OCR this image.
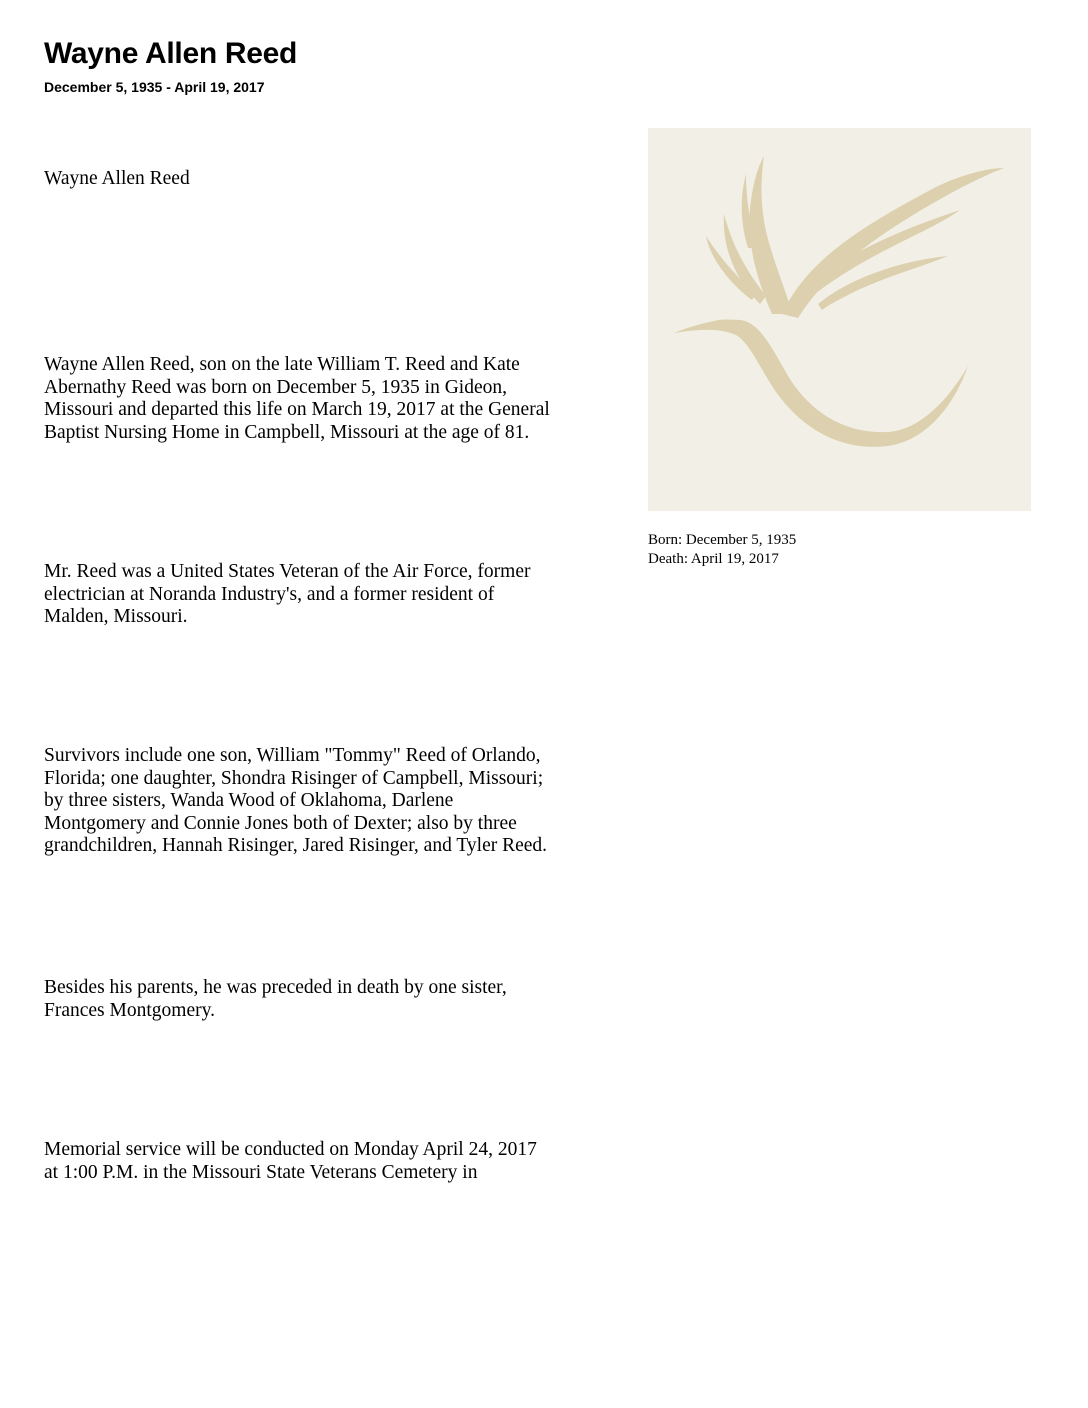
Wayne Allen Reed
December 5, 1935 - April 19, 2017

Wayne Allen Reed

Wayne Allen Reed, son on the late William T. Reed and Kate
Abernathy Reed was born on December 5, 1935 in Gideon,
Missouri and departed this life on March 19, 2017 at the General
Baptist Nursing Home in Campbell, Missouri at the age of 81.

Mr. Reed was a United States Veteran of the Air Force, former
electrician at Noranda Industry's, and a former resident of
Malden, Missouri.

Survivors include one son, William "Tommy" Reed of Orlando,
Florida; one daughter, Shondra Risinger of Campbell, Missouri;
by three sisters, Wanda Wood of Oklahoma, Darlene
Montgomery and Connie Jones both of Dexter; also by three
grandchildren, Hannah Risinger, Jared Risinger, and Tyler Reed.

Besides his parents, he was preceded in death by one sister,
Frances Montgomery.

Memorial service will be conducted on Monday April 24, 2017
at 1:00 P.M. in the Missouri State Veterans Cemetery in

Born: December 5, 1935
Death: April 19, 2017
